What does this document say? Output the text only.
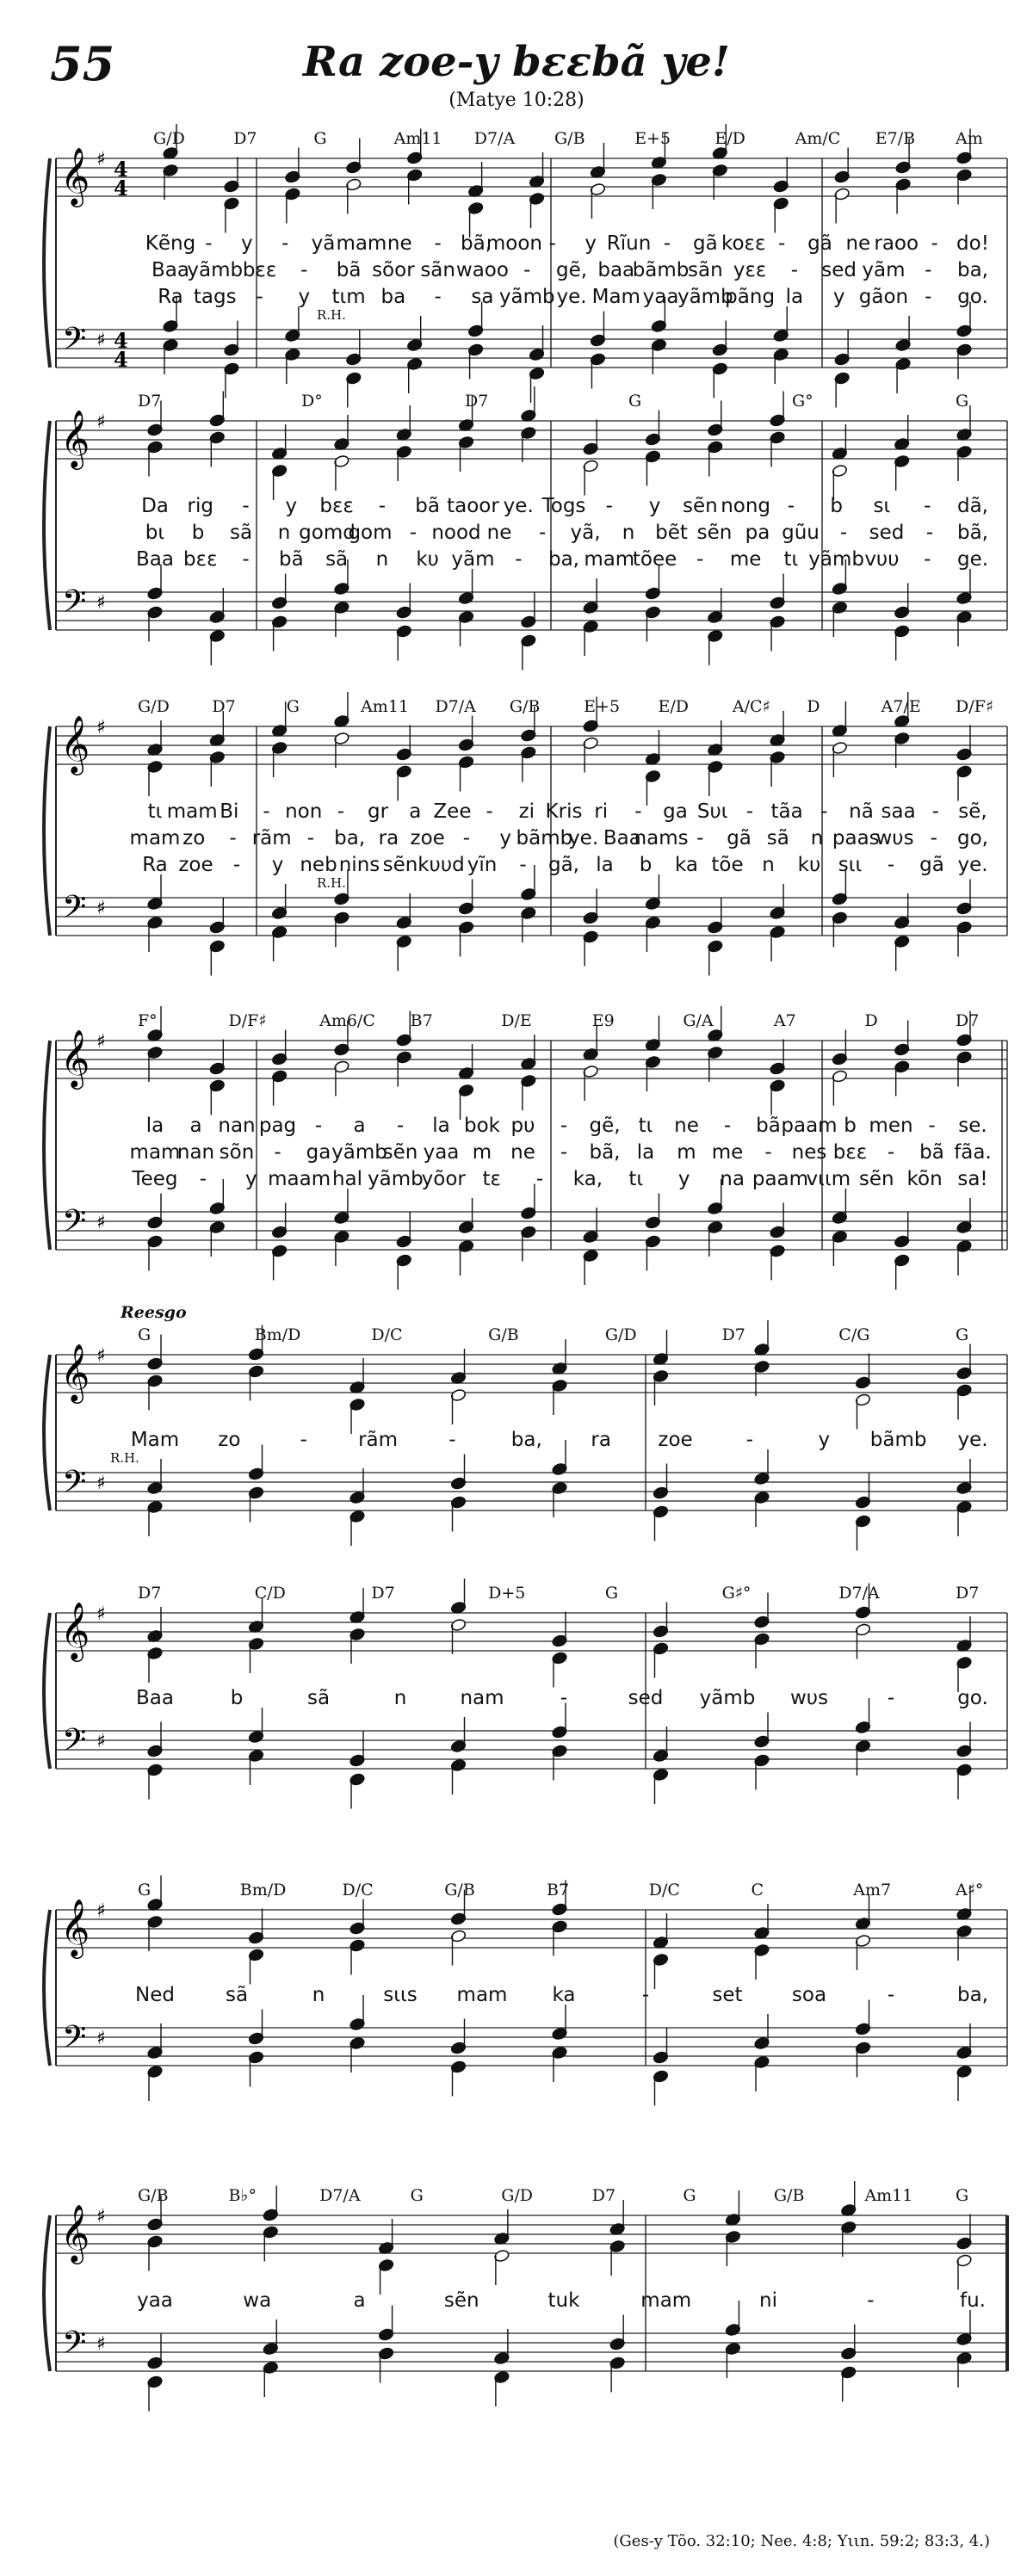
55	Ra zoe-y bεεbã ye!
(Matye 10:28)
𝄞
𝄢
♯
♯
4
4
4
4
G/D	D7	G	Am11 D7/A G/B	E+5	E/D	Am/C E7/B Am
R.H.
Kẽng - y - yã mam ne - bã,
moon - y Rĩun - gã koεε - gã ne raoo - do!
Baa
yãmb bεε - bã sõor sãn waoo - gẽ, baa
bãmb
sãn yεε - sed yãm - ba,
Ra tags - y tιm ba - sa yãmb ye. Mam yaa
yãmb
pãng la y gãon - go.
𝄞
𝄢
♯
♯
D7	D°	D7	G	G°	G
Da rig - y bεε - bã taoor ye. Togs - y sẽn nong - b sι - dã,
bι b sã n gomd
gom - nood ne - yã, n bẽt sẽn pa gũu - sed - bã,
Baa bεε - bã sã n kυ yãm - ba, mam
tõee - me tι yãmb vυυ - ge.
𝄞
𝄢
♯
♯
G/D	D7	G	Am11 D7/A G/B	E+5 E/D	A/C♯ D	A7/E D/F♯
R.H.
tι mam Bi - non - gr a Zee - zi Kris ri - ga Sυι - tãa - nã saa - sẽ,
mam zo - rãm - ba, ra zoe - y bãmb
ye. Baa
nams - gã sã n paas
wυs - go,
Ra zoe - y neb nins sẽn kυυd yĩn - gã, la b ka tõe n kυ sιι - gã ye.
𝄞
𝄢
♯
♯
F°	D/F♯	Am6/C B7	D/E	E9	G/A	A7	D	D7
la a nan pag - a - la bok pυ - gẽ, tι ne - bã paam b men - se.
mam
nan sõn - ga yãmb
sẽn yaa m ne - bã, la m me - nes bεε - bã fãa.
Teeg - y maam hal yãmb
yõor tε - ka, tι y na paam
vιιm sẽn kõn sa!
𝄞
𝄢
♯
♯
G	Bm/D	D/C	G/B	G/D	D7	C/G	G
Reesgo
R.H.
Mam zo	-	rãm	-	ba, ra zoe	-	y bãmb ye.
𝄞
𝄢
♯
♯
D7	C/D	D7	D+5	G	G♯°	D7/A	D7
Baa	b	sã	n	nam	-	sed yãmb wυs	-	go.
𝄞
𝄢
♯
♯
G	Bm/D	D/C	G/B	B7	D/C	C	Am7	A♯°
Ned	sã	n	sιιs mam ka	-	set soa	-	ba,
𝄞
𝄢
♯
♯
G/B	B♭°	D7/A	G	G/D	D7	G	G/B	Am11	G
yaa	wa	a	sẽn	tuk	mam	ni	-	fu.
(Ges-y Tõo. 32:10; Nee. 4:8; Yιιn. 59:2; 83:3, 4.)
